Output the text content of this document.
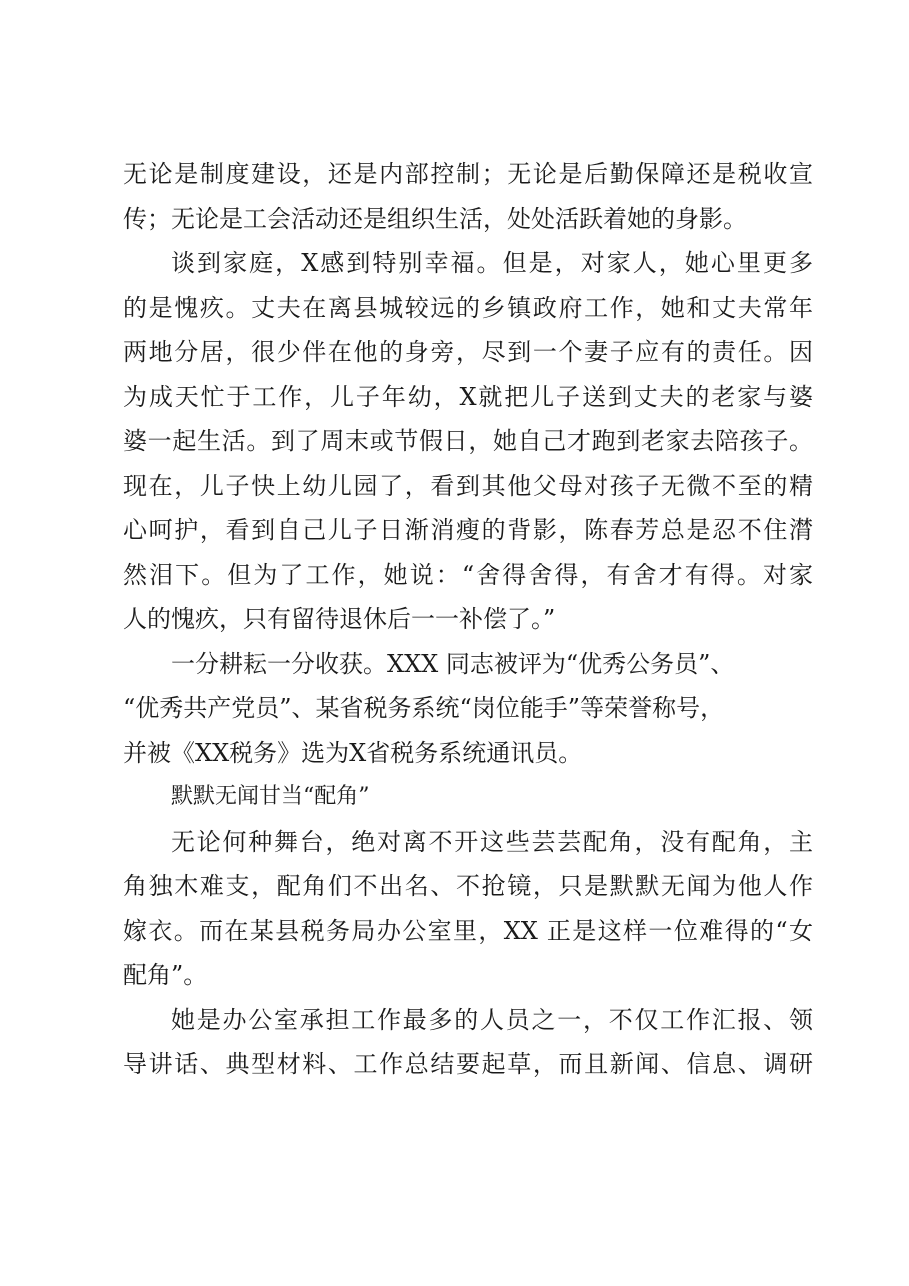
无论是制度建设，还是内部控制；无论是后勤保障还是税收宣
传；无论是工会活动还是组织生活，处处活跃着她的身影。
谈到家庭，X感到特别幸福。但是，对家人，她心里更多
的是愧疚。丈夫在离县城较远的乡镇政府工作，她和丈夫常年
两地分居，很少伴在他的身旁，尽到一个妻子应有的责任。因
为成天忙于工作，儿子年幼，X就把儿子送到丈夫的老家与婆
婆一起生活。到了周末或节假日，她自己才跑到老家去陪孩子。
现在，儿子快上幼儿园了，看到其他父母对孩子无微不至的精
心呵护，看到自己儿子日渐消瘦的背影，陈春芳总是忍不住潸
然泪下。但为了工作，她说：“舍得舍得，有舍才有得。对家
人的愧疚，只有留待退休后一一补偿了。”
一分耕耘一分收获。XXX 同志被评为“优秀公务员”、
“优秀共产党员”、某省税务系统“岗位能手”等荣誉称号，
并被《XX税务》选为X省税务系统通讯员。
默默无闻甘当“配角”
无论何种舞台，绝对离不开这些芸芸配角，没有配角，主
角独木难支，配角们不出名、不抢镜，只是默默无闻为他人作
嫁衣。而在某县税务局办公室里，XX 正是这样一位难得的“女
配角”。
她是办公室承担工作最多的人员之一，不仅工作汇报、领
导讲话、典型材料、工作总结要起草，而且新闻、信息、调研
